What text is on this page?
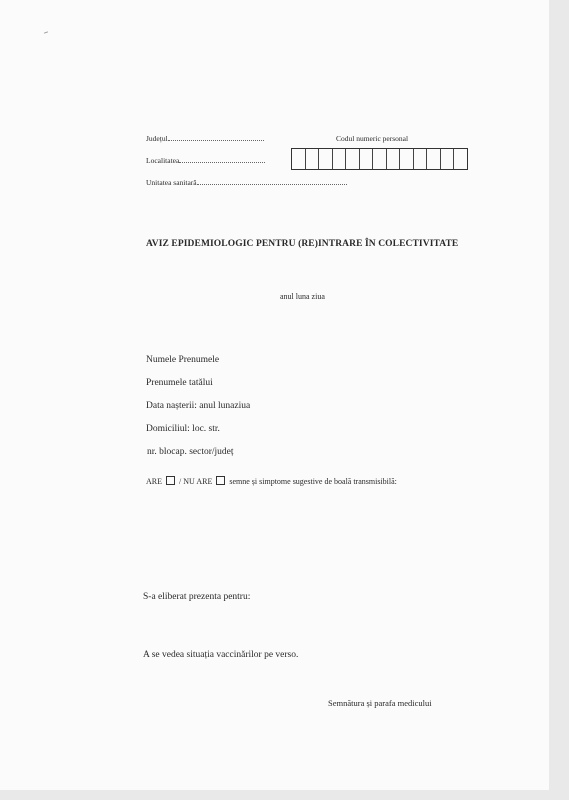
Județul	Codul numeric personal
Localitatea
Unitatea sanitară
AVIZ EPIDEMIOLOGIC PENTRU (RE)INTRARE ÎN COLECTIVITATE
anul luna ziua
Numele Prenumele
Prenumele tatălui
Data nașterii: anul lunaziua
Domiciliul: loc. str.
nr. blocap. sector/județ
ARE / NU ARE semne și simptome sugestive de boală transmisibilă:
S-a eliberat prezenta pentru:
A se vedea situația vaccinărilor pe verso.
Semnătura și parafa medicului
